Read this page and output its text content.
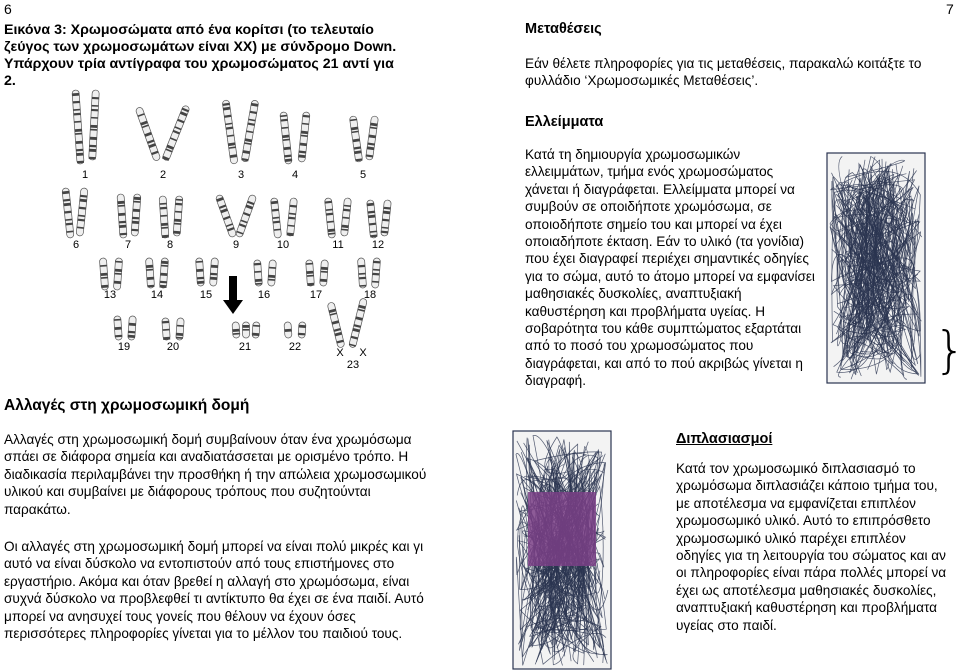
6	7
Εικόνα 3: Χρωμοσώματα από ένα κορίτσι (το τελευταίο ζεύγος των χρωμοσωμάτων είναι XX) με σύνδρομο Down. Υπάρχουν τρία αντίγραφα του χρωμοσώματος 21 αντί για 2.
1	2	3	4	5
6	7	8	9	10	11	12
13	14	15	16	17	18
19	20	21	22	X X
23
Μεταθέσεις
Εάν θέλετε πληροφορίες για τις μεταθέσεις, παρακαλώ κοιτάξτε το φυλλάδιο ‘Χρωμοσωμικές Μεταθέσεις’.
Ελλείμματα
Κατά τη δημιουργία χρωμοσωμικών ελλειμμάτων, τμήμα ενός χρωμοσώματος χάνεται ή διαγράφεται. Ελλείμματα μπορεί να συμβούν σε οποιδήποτε χρωμόσωμα, σε οποιοδήποτε σημείο του και μπορεί να έχει οποιαδήποτε έκταση. Εάν το υλικό (τα γονίδια) που έχει διαγραφεί περιέχει σημαντικές οδηγίες για το σώμα, αυτό το άτομο μπορεί να εμφανίσει μαθησιακές δυσκολίες, αναπτυξιακή καθυστέρηση και προβλήματα υγείας. Η σοβαρότητα του κάθε συμπτώματος εξαρτάται από το ποσό του χρωμοσώματος που διαγράφεται, και από το πού ακριβώς γίνεται η διαγραφή.
}
Αλλαγές στη χρωμοσωμική δομή
Αλλαγές στη χρωμοσωμική δομή συμβαίνουν όταν ένα χρωμόσωμα σπάει σε διάφορα σημεία και αναδιατάσσεται με ορισμένο τρόπο. Η διαδικασία περιλαμβάνει την προσθήκη ή την απώλεια χρωμοσωμικού υλικού και συμβαίνει με διάφορους τρόπους που συζητούνται παρακάτω.
Οι αλλαγές στη χρωμοσωμική δομή μπορεί να είναι πολύ μικρές και γι αυτό να είναι δύσκολο να εντοπιστούν από τους επιστήμονες στο εργαστήριο. Ακόμα και όταν βρεθεί η αλλαγή στο χρωμόσωμα, είναι συχνά δύσκολο να προβλεφθεί τι αντίκτυπο θα έχει σε ένα παιδί. Αυτό μπορεί να ανησυχεί τους γονείς που θέλουν να έχουν όσες περισσότερες πληροφορίες γίνεται για το μέλλον του παιδιού τους.
Διπλασιασμοί
Κατά τον χρωμοσωμικό διπλασιασμό το χρωμόσωμα διπλασιάζει κάποιο τμήμα του, με αποτέλεσμα να εμφανίζεται επιπλέον χρωμοσωμικό υλικό. Αυτό το επιπρόσθετο χρωμοσωμικό υλικό παρέχει επιπλέον οδηγίες για τη λειτουργία του σώματος και αν οι πληροφορίες είναι πάρα πολλές μπορεί να έχει ως αποτέλεσμα μαθησιακές δυσκολίες, αναπτυξιακή καθυστέρηση και προβλήματα υγείας στο παιδί.
